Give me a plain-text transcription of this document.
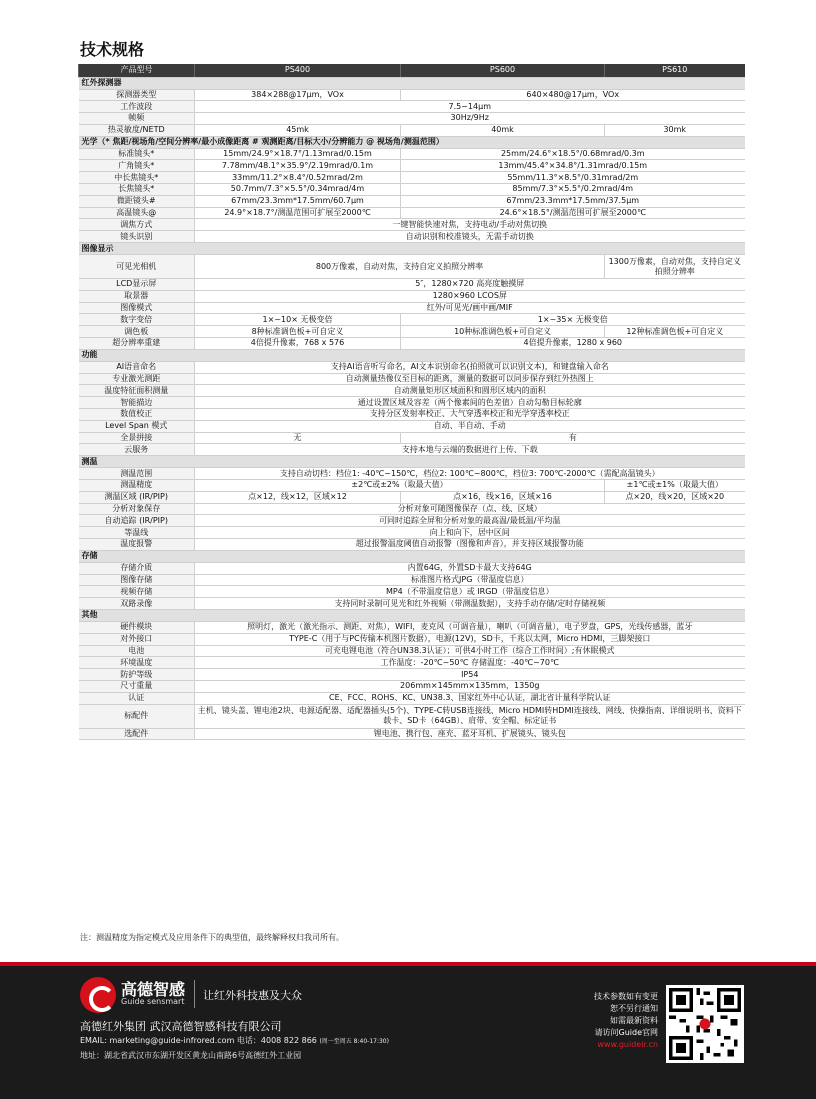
技术规格
产品型号	PS400	PS600	PS610
红外探测器			
探测器类型	384×288@17μm，VOx	640×480@17μm，VOx	
工作波段	7.5~14μm		
帧频	30Hz/9Hz		
热灵敏度/NETD	45mk	40mk	30mk
光学（* 焦距/视场角/空间分辨率/最小成像距离 # 观测距离/目标大小/分辨能力 @ 视场角/测温范围）			
标准镜头*	15mm/24.9°×18.7°/1.13mrad/0.15m	25mm/24.6°×18.5°/0.68mrad/0.3m	
广角镜头*	7.78mm/48.1°×35.9°/2.19mrad/0.1m	13mm/45.4°×34.8°/1.31mrad/0.15m	
中长焦镜头*	33mm/11.2°×8.4°/0.52mrad/2m	55mm/11.3°×8.5°/0.31mrad/2m	
长焦镜头*	50.7mm/7.3°×5.5°/0.34mrad/4m	85mm/7.3°×5.5°/0.2mrad/4m	
微距镜头#	67mm/23.3mm*17.5mm/60.7μm	67mm/23.3mm*17.5mm/37.5μm	
高温镜头@	24.9°×18.7°/测温范围可扩展至2000℃	24.6°×18.5°/测温范围可扩展至2000℃	
调焦方式	一键智能快速对焦，支持电动/手动对焦切换		
镜头识别	自动识别和校准镜头，无需手动切换		
图像显示			
可见光相机	800万像素，自动对焦，支持自定义拍照分辨率		1300万像素，自动对焦，支持自定义拍照分辨率
LCD显示屏	5″，1280×720 高亮度触摸屏		
取景器	1280×960 LCOS屏		
图像模式	红外/可见光/画中画/MIF		
数字变倍	1×~10× 无极变倍	1×~35× 无极变倍	
调色板	8种标准调色板+可自定义	10种标准调色板+可自定义	12种标准调色板+可自定义
超分辨率重建	4倍提升像素，768 x 576	4倍提升像素，1280 x 960	
功能			
AI语音命名	支持AI语音听写命名，AI文本识别命名(拍照就可以识别文本)，和键盘输入命名		
专业激光测距	自动测量热像仪至目标的距离，测量的数据可以同步保存到红外热图上		
温度特征面积测量	自动测量矩形区域面积和圆形区域内的面积		
智能描边	通过设置区域及容差（两个像素间的色差值）自动勾勒目标轮廓		
数值校正	支持分区发射率校正、大气穿透率校正和光学穿透率校正		
Level Span 模式	自动、半自动、手动		
全景拼接	无	有	
云服务	支持本地与云端的数据进行上传、下载		
测温			
测温范围	支持自动切档：档位1: -40℃~150℃，档位2: 100℃~800℃，档位3: 700℃-2000℃（需配高温镜头）		
测温精度	±2℃或±2%（取最大值）		±1℃或±1%（取最大值）
测温区域 (IR/PIP)	点×12，线×12，区域×12	点×16，线×16，区域×16	点×20，线×20，区域×20
分析对象保存	分析对象可随图像保存（点、线、区域）		
自动追踪 (IR/PIP)	可同时追踪全屏和分析对象的最高温/最低温/平均温		
等温线	向上和向下，居中区间		
温度报警	超过报警温度阈值自动报警（图像和声音），并支持区域报警功能		
存储			
存储介质	内置64G，外置SD卡最大支持64G		
图像存储	标准图片格式JPG（带温度信息）		
视频存储	MP4（不带温度信息）或 IRGD（带温度信息）		
双路录像	支持同时录制可见光和红外视频（带测温数据），支持手动存储/定时存储视频		
其他			
硬件模块	照明灯，激光（激光指示、测距、对焦），WIFI，麦克风（可调音量），喇叭（可调音量），电子罗盘，GPS，光线传感器，蓝牙		
对外接口	TYPE-C（用于与PC传输本机图片数据），电源(12V)，SD卡，千兆以太网，Micro HDMI，三脚架接口		
电池	可充电锂电池（符合UN38.3认证）；可供4小时工作（综合工作时间）;有休眠模式		
环境温度	工作温度：-20℃~50℃ 存储温度：-40℃~70℃		
防护等级	IP54		
尺寸重量	206mm×145mm×135mm，1350g		
认证	CE、FCC、ROHS、KC、UN38.3、国家红外中心认证，湖北省计量科学院认证		
标配件	主机、镜头盖、锂电池2块、电源适配器、适配器插头(5个)、TYPE-C转USB连接线、Micro HDMI转HDMI连接线、网线、快操指南、详细说明书、资料下载卡、SD卡（64GB）、肩带、安全帽、标定证书		
选配件	锂电池、携行包、座充、蓝牙耳机、扩展镜头、镜头包		
注：测温精度为指定模式及应用条件下的典型值，最终解释权归我司所有。
高德智感
Guide sensmart 让红外科技惠及大众
高德红外集团 武汉高德智感科技有限公司
EMAIL: marketing@guide-infrored.com 电话：4008 822 866 (周一至周五 8:40-17:30)
地址：湖北省武汉市东湖开发区黄龙山南路6号高德红外工业园
技术参数如有变更
恕不另行通知
如需最新资料
请访问Guide官网
www.guideir.cn
